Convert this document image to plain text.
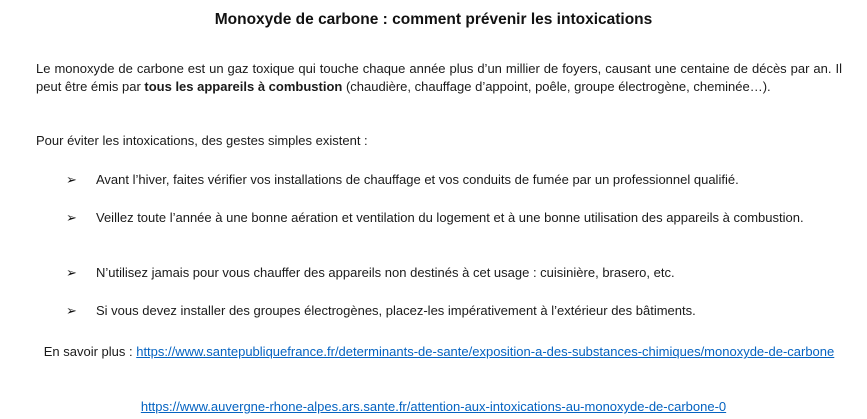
Monoxyde de carbone : comment prévenir les intoxications

Le monoxyde de carbone est un gaz toxique qui touche chaque année plus d’un millier de foyers, causant une centaine de décès par an. Il peut être émis par tous les appareils à combustion (chaudière, chauffage d’appoint, poêle, groupe électrogène, cheminée…).

Pour éviter les intoxications, des gestes simples existent :

➢ Avant l’hiver, faites vérifier vos installations de chauffage et vos conduits de fumée par un professionnel qualifié.
➢ Veillez toute l’année à une bonne aération et ventilation du logement et à une bonne utilisation des appareils à combustion.
➢ N’utilisez jamais pour vous chauffer des appareils non destinés à cet usage : cuisinière, brasero, etc.
➢ Si vous devez installer des groupes électrogènes, placez-les impérativement à l’extérieur des bâtiments.
En savoir plus : https://www.santepubliquefrance.fr/determinants-de-sante/exposition-a-des-substances-chimiques/monoxyde-de-carbone
https://www.auvergne-rhone-alpes.ars.sante.fr/attention-aux-intoxications-au-monoxyde-de-carbone-0
